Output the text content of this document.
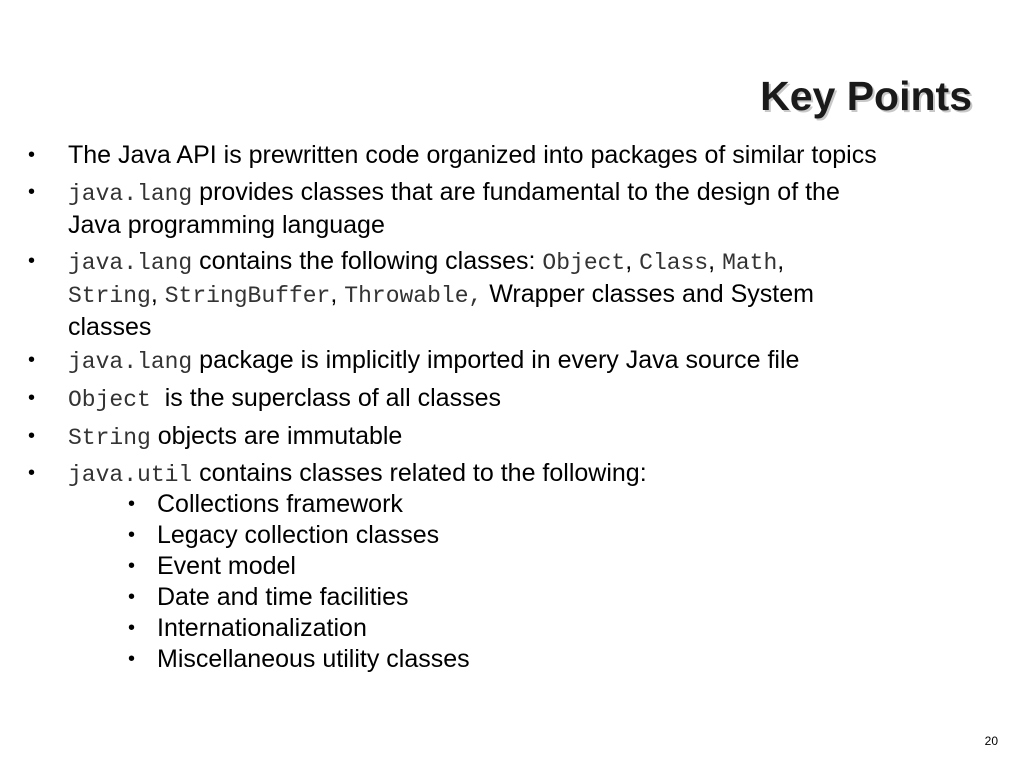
Key Points
•	The Java API is prewritten code organized into packages of similar topics
•	java.lang provides classes that are fundamental to the design of the
Java programming language
•	java.lang contains the following classes: Object, Class, Math,
String, StringBuffer, Throwable, Wrapper classes and System
classes
•	java.lang package is implicitly imported in every Java source file
•	Object  is the superclass of all classes
•	String objects are immutable
•	java.util contains classes related to the following:
• Collections framework
• Legacy collection classes
• Event model
• Date and time facilities
• Internationalization
• Miscellaneous utility classes
20
